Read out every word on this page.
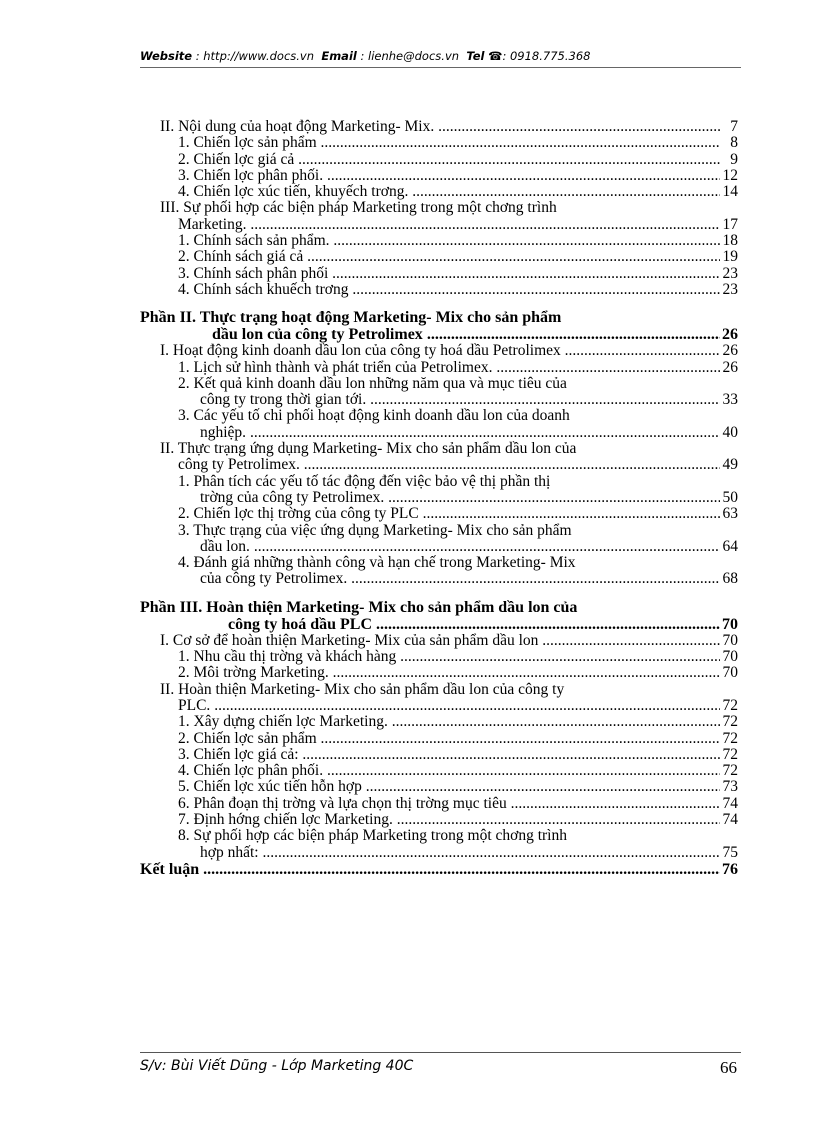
Website : http://www.docs.vn Email : lienhe@docs.vn Tel ☎: 0918.775.368
II. Nội dung của hoạt động Marketing- Mix. .....	7
1. Chiến lợc sản phẩm .....	8
2. Chiến lợc giá cả .....	9
3. Chiến lợc phân phối. .....	12
4. Chiến lợc xúc tiến, khuyếch trơng. .....	14
III. Sự phối hợp các biện pháp Marketing trong một chơng trình
Marketing. .....	17
1. Chính sách sản phẩm. .....	18
2. Chính sách giá cả .....	19
3. Chính sách phân phối .....	23
4. Chính sách khuếch trơng .....	23
Phần II. Thực trạng hoạt động Marketing- Mix cho sản phẩm
dầu lon của công ty Petrolimex .....	26
I. Hoạt động kinh doanh dầu lon của công ty hoá dầu Petrolimex .....	26
1. Lịch sử hình thành và phát triển của Petrolimex. .....	26
2. Kết quả kinh doanh dầu lon những năm qua và mục tiêu của
công ty trong thời gian tới. .....	33
3. Các yếu tố chi phối hoạt động kinh doanh dầu lon của doanh
nghiệp. .....	40
II. Thực trạng ứng dụng Marketing- Mix cho sản phẩm dầu lon của
công ty Petrolimex. .....	49
1. Phân tích các yếu tố tác động đến việc bảo vệ thị phần thị
trờng của công ty Petrolimex. .....	50
2. Chiến lợc thị trờng của công ty PLC .....	63
3. Thực trạng của việc ứng dụng Marketing- Mix cho sản phẩm
dầu lon. .....	64
4. Đánh giá những thành công và hạn chế trong Marketing- Mix
của công ty Petrolimex. .....	68
Phần III. Hoàn thiện Marketing- Mix cho sản phẩm dầu lon của
công ty hoá dầu PLC .....	70
I. Cơ sở để hoàn thiện Marketing- Mix của sản phẩm dầu lon .....	70
1. Nhu cầu thị trờng và khách hàng .....	70
2. Môi trờng Marketing. .....	70
II. Hoàn thiện Marketing- Mix cho sản phẩm dầu lon của công ty
PLC. .....	72
1. Xây dựng chiến lợc Marketing. .....	72
2. Chiến lợc sản phẩm .....	72
3. Chiến lợc giá cả: .....	72
4. Chiến lợc phân phối. .....	72
5. Chiến lợc xúc tiến hỗn hợp .....	73
6. Phân đoạn thị trờng và lựa chọn thị trờng mục tiêu .....	74
7. Định hớng chiến lợc Marketing. .....	74
8. Sự phối hợp các biện pháp Marketing trong một chơng trình
hợp nhất: .....	75
Kết luận .....	76
S/v: Bùi Viết Dũng - Lớp Marketing 40C	66
